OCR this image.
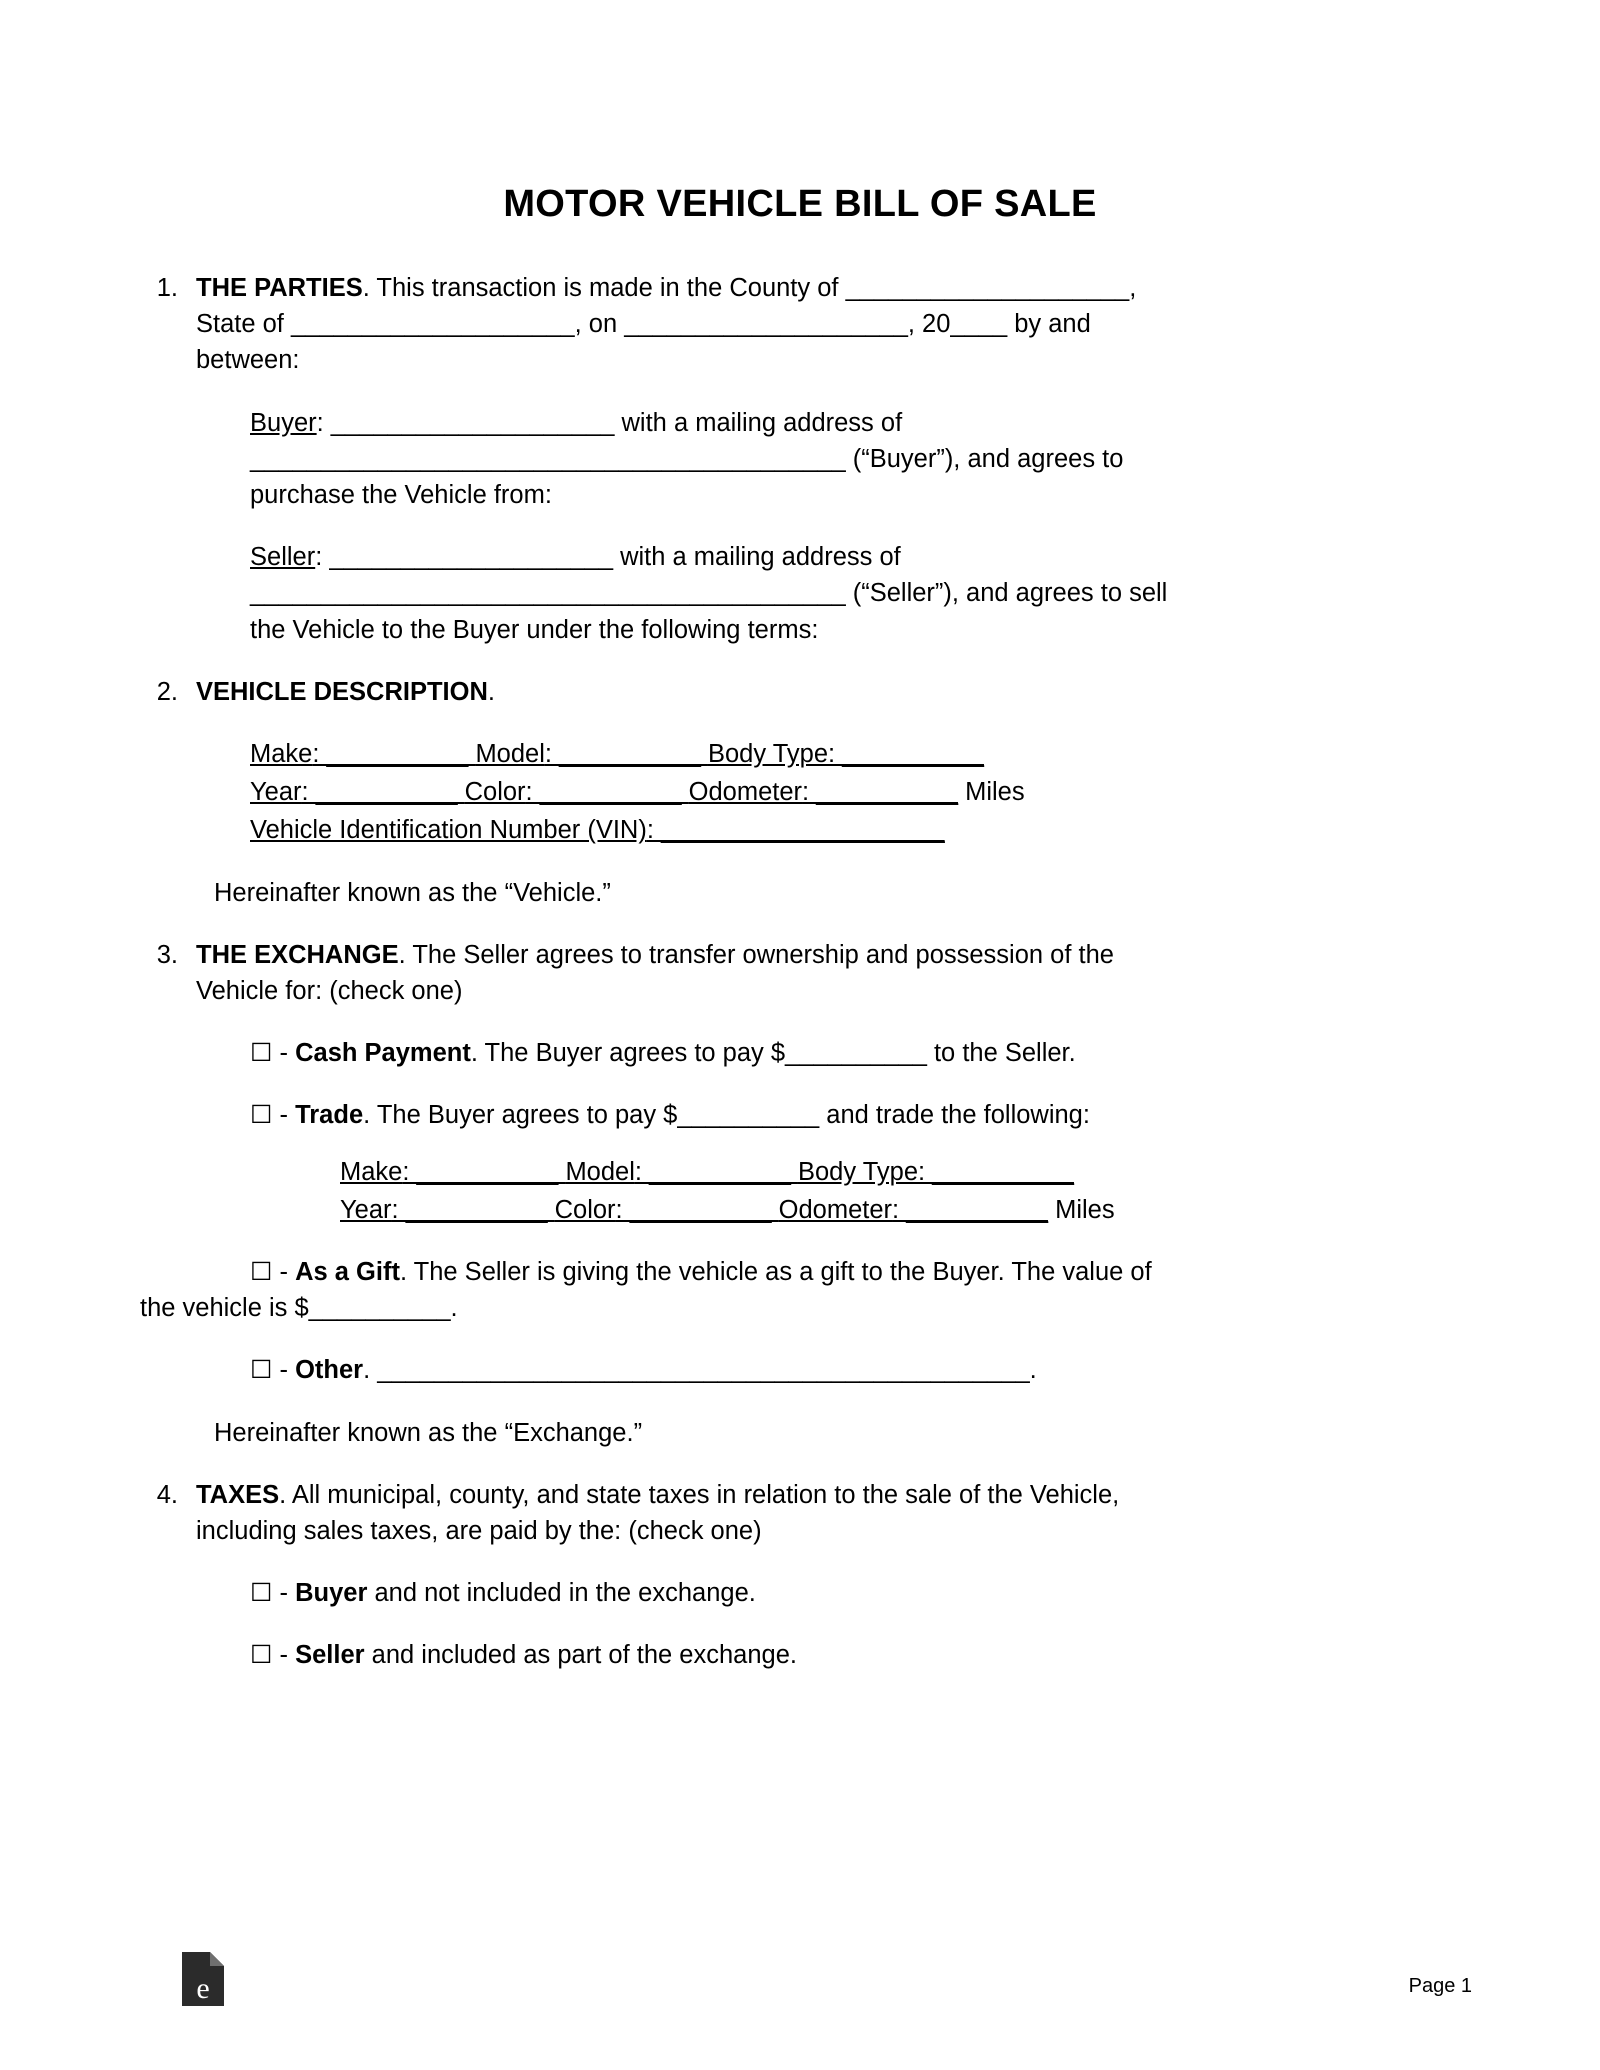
MOTOR VEHICLE BILL OF SALE
1. THE PARTIES. This transaction is made in the County of ____________________,
State of ____________________, on ____________________, 20____ by and
between:
Buyer: ____________________ with a mailing address of
__________________________________________ (“Buyer”), and agrees to
purchase the Vehicle from:
Seller: ____________________ with a mailing address of
__________________________________________ (“Seller”), and agrees to sell
the Vehicle to the Buyer under the following terms:
2. VEHICLE DESCRIPTION.
Make: __________ Model: __________ Body Type: __________
Year: __________ Color: __________ Odometer: __________ Miles
Vehicle Identification Number (VIN): ____________________
Hereinafter known as the “Vehicle.”
3. THE EXCHANGE. The Seller agrees to transfer ownership and possession of the
Vehicle for: (check one)
☐ - Cash Payment. The Buyer agrees to pay $__________ to the Seller.
☐ - Trade. The Buyer agrees to pay $__________ and trade the following:
Make: __________ Model: __________ Body Type: __________
Year: __________ Color: __________ Odometer: __________ Miles
☐ - As a Gift. The Seller is giving the vehicle as a gift to the Buyer. The value of
the vehicle is $__________.
☐ - Other. ______________________________________________.
Hereinafter known as the “Exchange.”
4. TAXES. All municipal, county, and state taxes in relation to the sale of the Vehicle,
including sales taxes, are paid by the: (check one)
☐ - Buyer and not included in the exchange.
☐ - Seller and included as part of the exchange.
e	Page 1
